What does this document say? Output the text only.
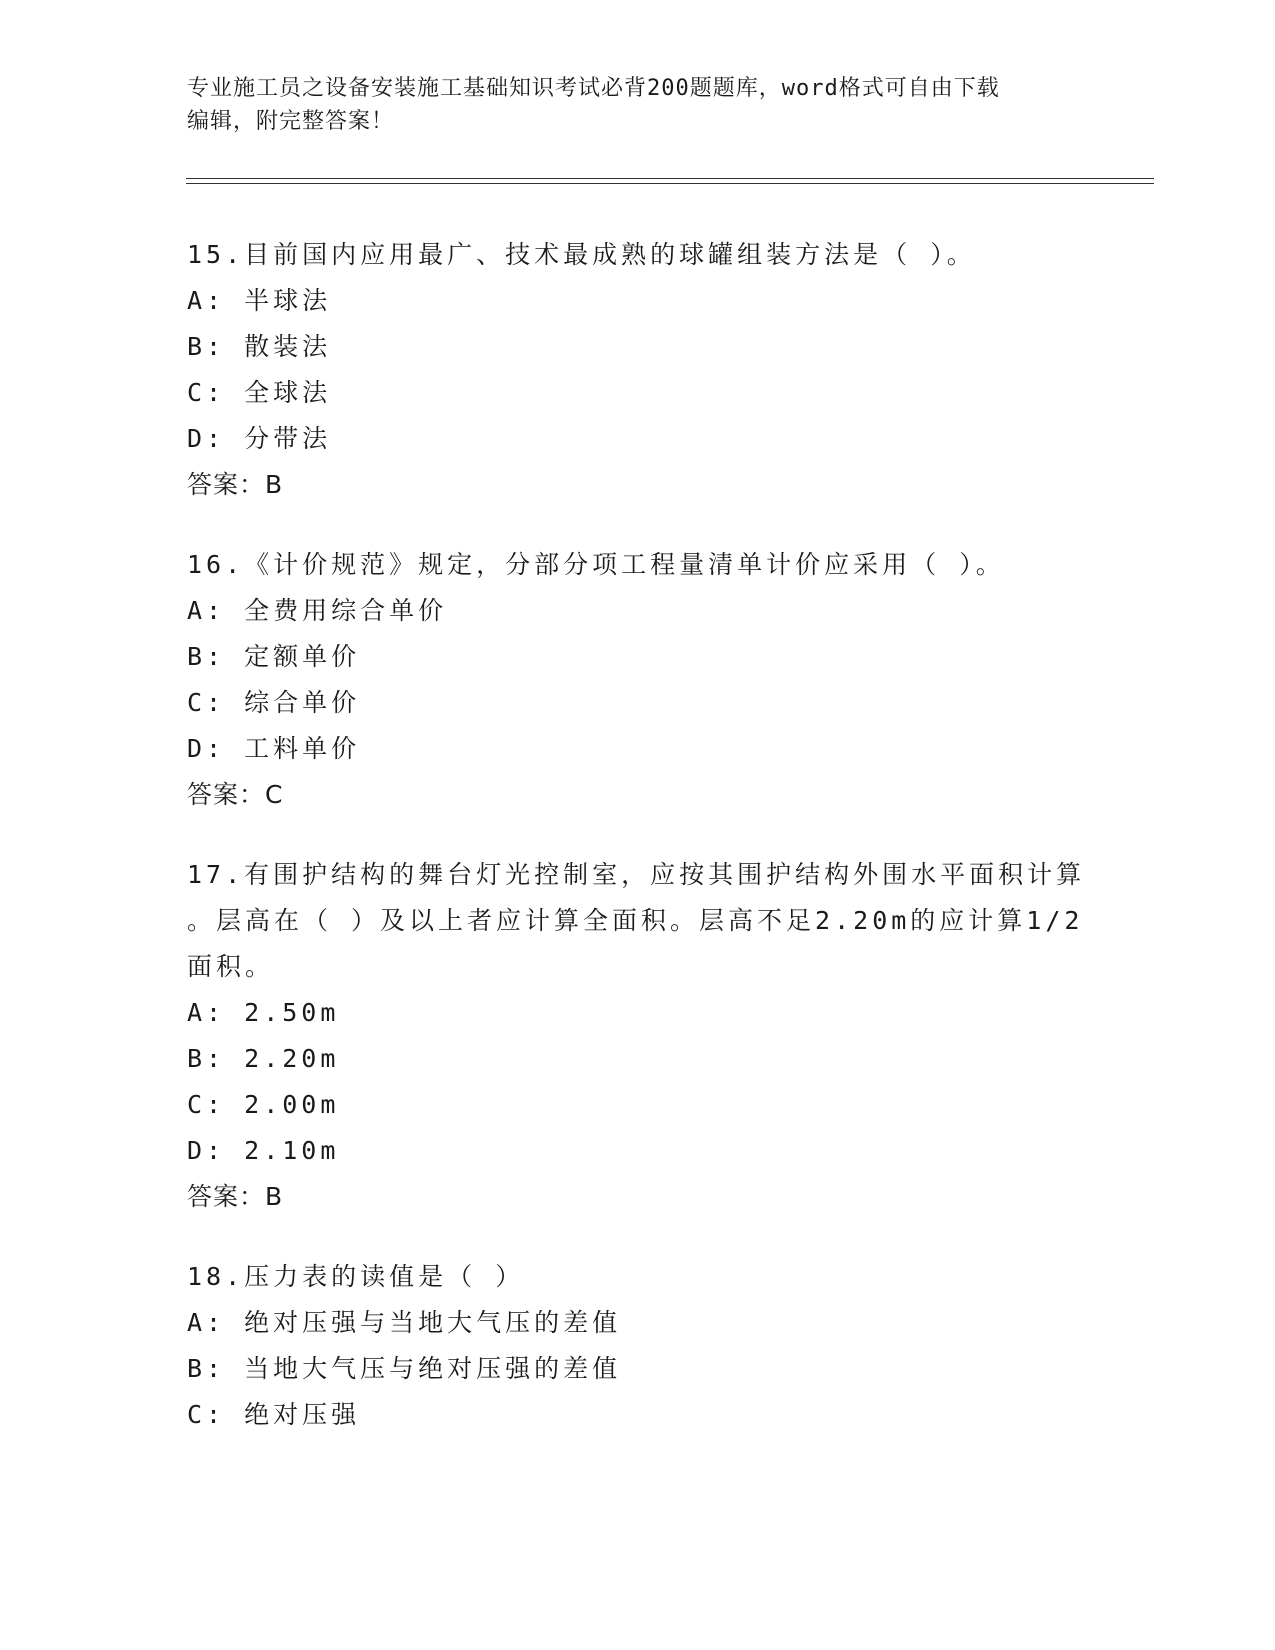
专业施工员之设备安装施工基础知识考试必背200题题库，word格式可自由下载
编辑，附完整答案！
15.目前国内应用最广、技术最成熟的球罐组装方法是（ ）。
A: 半球法
B: 散装法
C: 全球法
D: 分带法
答案：B
16.《计价规范》规定，分部分项工程量清单计价应采用（ ）。
A: 全费用综合单价
B: 定额单价
C: 综合单价
D: 工料单价
答案：C
17.有围护结构的舞台灯光控制室，应按其围护结构外围水平面积计算
。层高在（ ）及以上者应计算全面积。层高不足2.20m的应计算1/2
面积。
A: 2.50m
B: 2.20m
C: 2.00m
D: 2.10m
答案：B
18.压力表的读值是（ ）
A: 绝对压强与当地大气压的差值
B: 当地大气压与绝对压强的差值
C: 绝对压强
